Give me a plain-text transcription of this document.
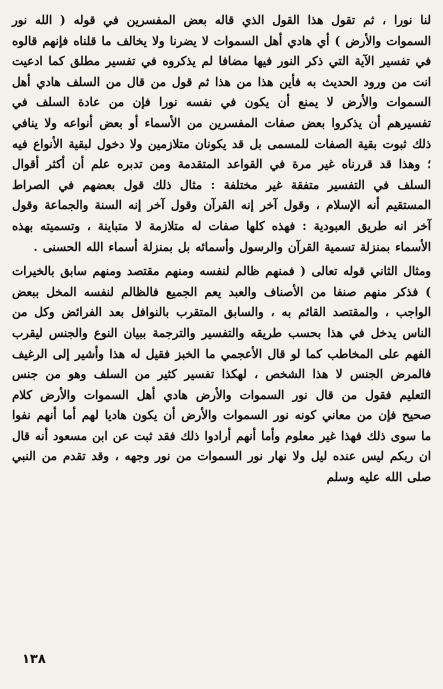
لنا نورا ، ثم تقول هذا القول الذي قاله بعض المفسرين في قوله ( الله نور السموات والأرض ) أي هادي أهل السموات لا يضرنا ولا يخالف ما قلناه فإنهم قالوه في تفسير الآية التي ذكر النور فيها مضافا لم يذكروه في تفسير مطلق كما ادعيت انت من ورود الحديث به فأين هذا من هذا ثم قول من قال من السلف هادي أهل السموات والأرض لا يمنع أن يكون في نفسه نورا فإن من عادة السلف في تفسيرهم أن يذكروا بعض صفات المفسرين من الأسماء أو بعض أنواعه ولا ينافي ذلك ثبوت بقية الصفات للمسمى بل قد يكونان متلازمين ولا دخول لبقية الأنواع فيه ؛ وهذا قد قررناه غير مرة في القواعد المتقدمة ومن تدبره علم أن أكثر أقوال السلف في التفسير متفقة غير مختلفة : مثال ذلك قول بعضهم في الصراط المستقيم أنه الإسلام ، وقول آخر إنه القرآن وقول آخر إنه السنة والجماعة وقول آخر انه طريق العبودية : فهذه كلها صفات له متلازمة لا متباينة ، وتسميته بهذه الأسماء بمنزلة تسمية القرآن والرسول وأسمائه بل بمنزلة أسماء الله الحسنى .

ومثال الثاني قوله تعالى ( فمنهم ظالم لنفسه ومنهم مقتصد ومنهم سابق بالخيرات ) فذكر منهم صنفا من الأصناف والعبد يعم الجميع فالظالم لنفسه المخل ببعض الواجب ، والمقتصد القائم به ، والسابق المتقرب بالنوافل بعد الفرائض وكل من الناس يدخل في هذا بحسب طريقه والتفسير والترجمة ببيان النوع والجنس ليقرب الفهم على المخاطب كما لو قال الأعجمي ما الخبز فقيل له هذا وأشير إلى الرغيف فالمرض الجنس لا هذا الشخص ، لهكذا تفسير كثير من السلف وهو من جنس التعليم فقول من قال نور السموات والأرض هادي أهل السموات والأرض كلام صحيح فإن من معاني كونه نور السموات والأرض أن يكون هاديا لهم أما أنهم نفوا ما سوى ذلك فهذا غير معلوم وأما أنهم أرادوا ذلك فقد ثبت عن ابن مسعود أنه قال ان ربكم ليس عنده ليل ولا نهار نور السموات من نور وجهه ، وقد تقدم من النبي صلى الله عليه وسلم

١٣٨
